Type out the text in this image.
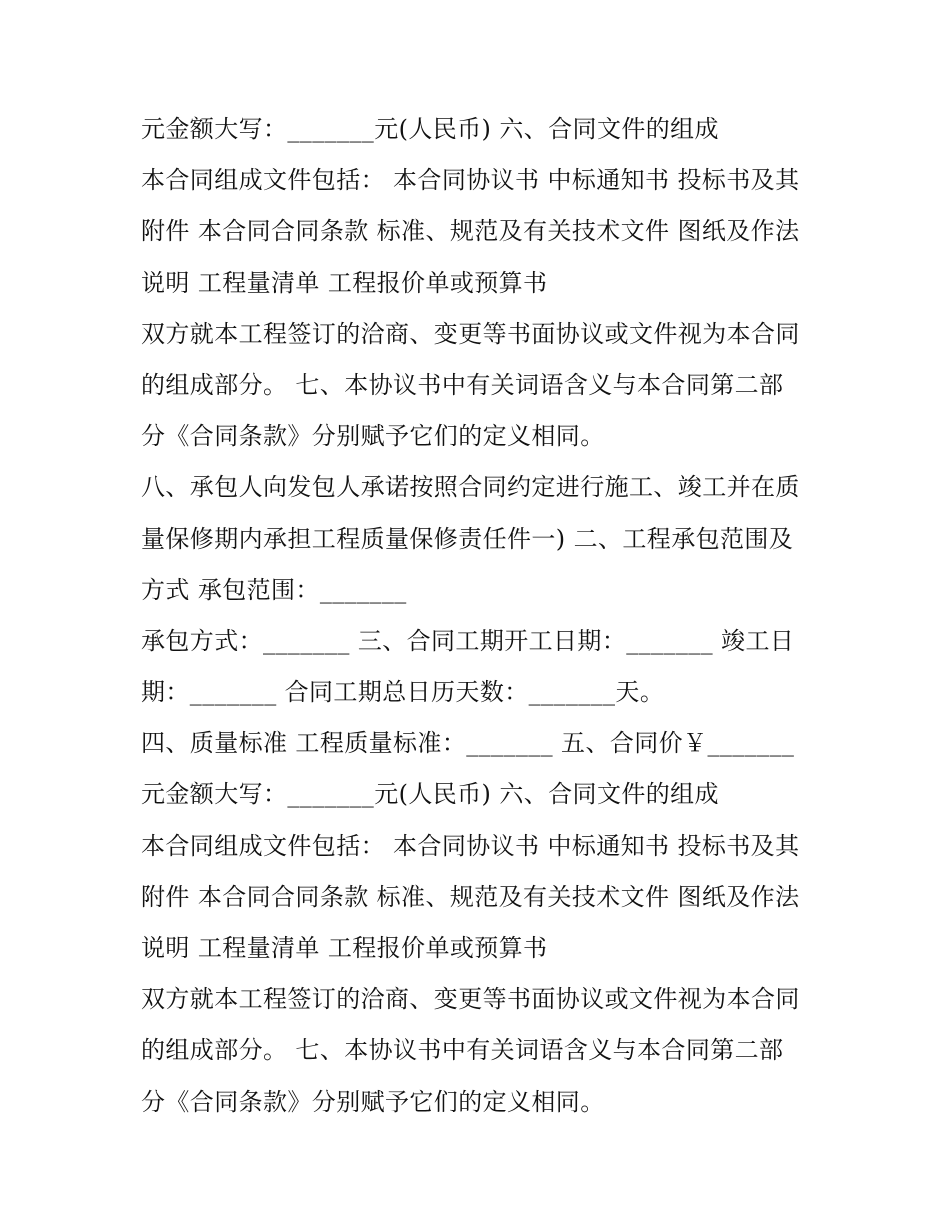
元金额大写：_______元(人民币) 六、合同文件的组成
本合同组成文件包括： 本合同协议书 中标通知书 投标书及其
附件 本合同合同条款 标准、规范及有关技术文件 图纸及作法
说明 工程量清单 工程报价单或预算书
双方就本工程签订的洽商、变更等书面协议或文件视为本合同
的组成部分。 七、本协议书中有关词语含义与本合同第二部
分《合同条款》分别赋予它们的定义相同。
八、承包人向发包人承诺按照合同约定进行施工、竣工并在质
量保修期内承担工程质量保修责任件一) 二、工程承包范围及
方式 承包范围：_______
承包方式：_______ 三、合同工期开工日期：_______ 竣工日
期：_______ 合同工期总日历天数：_______天。
四、质量标准 工程质量标准：_______ 五、合同价￥_______
元金额大写：_______元(人民币) 六、合同文件的组成
本合同组成文件包括： 本合同协议书 中标通知书 投标书及其
附件 本合同合同条款 标准、规范及有关技术文件 图纸及作法
说明 工程量清单 工程报价单或预算书
双方就本工程签订的洽商、变更等书面协议或文件视为本合同
的组成部分。 七、本协议书中有关词语含义与本合同第二部
分《合同条款》分别赋予它们的定义相同。
